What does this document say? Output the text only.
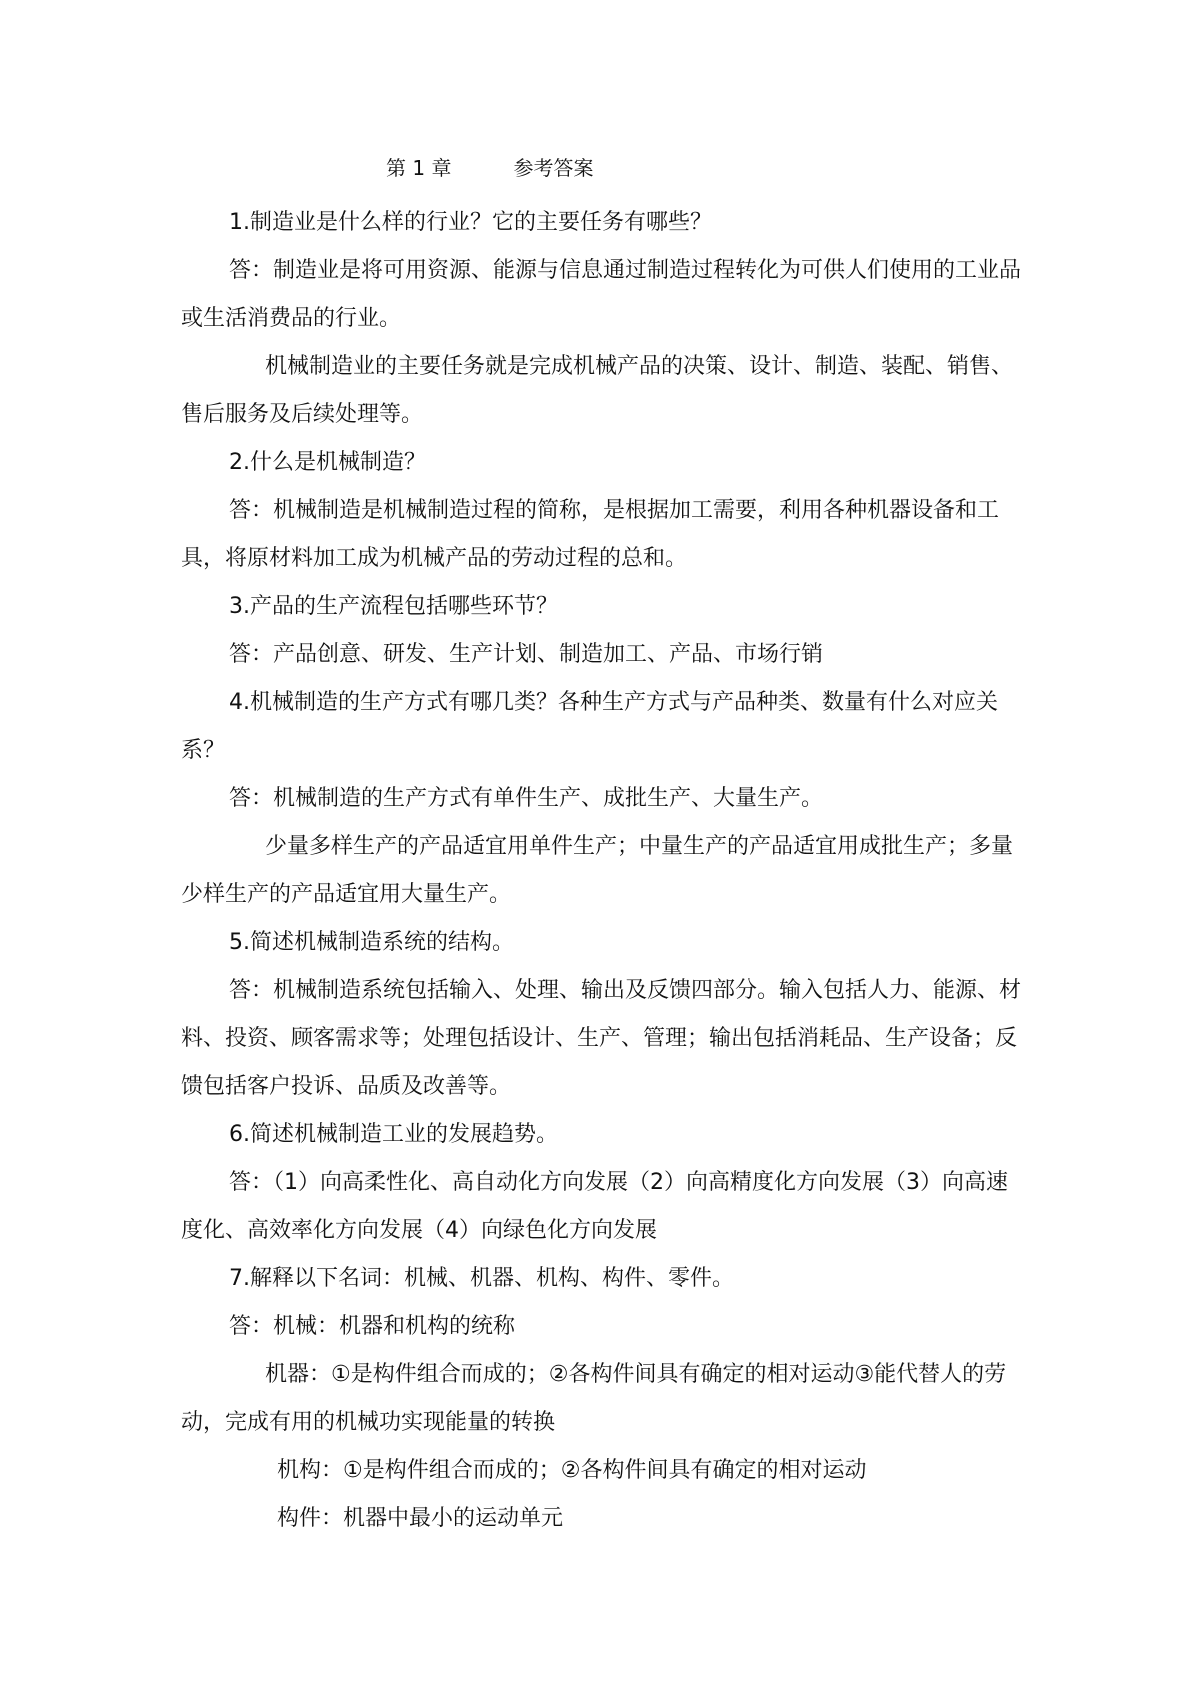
第 1 章	参考答案

1.制造业是什么样的行业？它的主要任务有哪些？

答：制造业是将可用资源、能源与信息通过制造过程转化为可供人们使用的工业品或生活消费品的行业。

机械制造业的主要任务就是完成机械产品的决策、设计、制造、装配、销售、售后服务及后续处理等。

2.什么是机械制造？

答：机械制造是机械制造过程的简称，是根据加工需要，利用各种机器设备和工具，将原材料加工成为机械产品的劳动过程的总和。

3.产品的生产流程包括哪些环节？

答：产品创意、研发、生产计划、制造加工、产品、市场行销

4.机械制造的生产方式有哪几类？各种生产方式与产品种类、数量有什么对应关系？

答：机械制造的生产方式有单件生产、成批生产、大量生产。

少量多样生产的产品适宜用单件生产；中量生产的产品适宜用成批生产；多量少样生产的产品适宜用大量生产。

5.简述机械制造系统的结构。

答：机械制造系统包括输入、处理、输出及反馈四部分。输入包括人力、能源、材料、投资、顾客需求等；处理包括设计、生产、管理；输出包括消耗品、生产设备；反馈包括客户投诉、品质及改善等。

6.简述机械制造工业的发展趋势。

答：（1）向高柔性化、高自动化方向发展（2）向高精度化方向发展（3）向高速度化、高效率化方向发展（4）向绿色化方向发展

7.解释以下名词：机械、机器、机构、构件、零件。

答：机械：机器和机构的统称

机器：①是构件组合而成的；②各构件间具有确定的相对运动③能代替人的劳动，完成有用的机械功实现能量的转换

机构：①是构件组合而成的；②各构件间具有确定的相对运动

构件：机器中最小的运动单元
